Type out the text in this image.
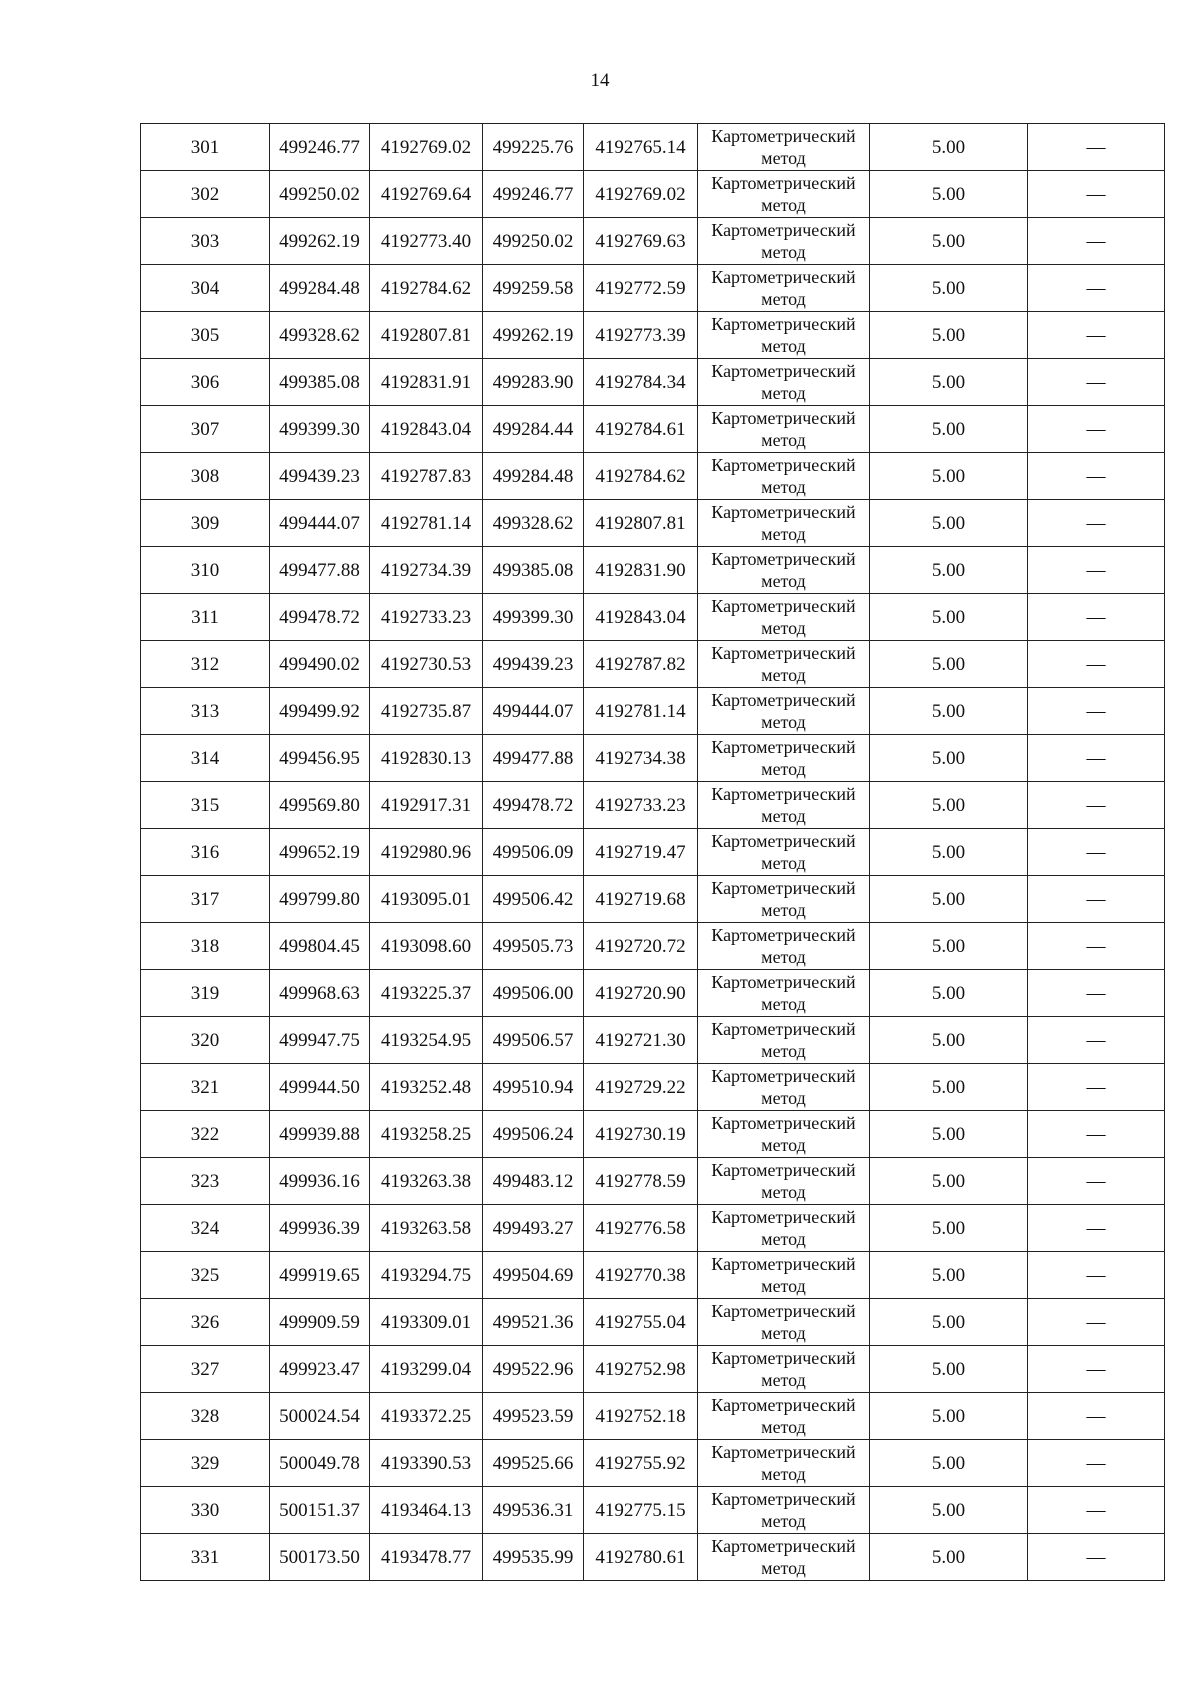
14
301	499246.77	4192769.02	499225.76	4192765.14	Картометрический метод	5.00	—
302	499250.02	4192769.64	499246.77	4192769.02	Картометрический метод	5.00	—
303	499262.19	4192773.40	499250.02	4192769.63	Картометрический метод	5.00	—
304	499284.48	4192784.62	499259.58	4192772.59	Картометрический метод	5.00	—
305	499328.62	4192807.81	499262.19	4192773.39	Картометрический метод	5.00	—
306	499385.08	4192831.91	499283.90	4192784.34	Картометрический метод	5.00	—
307	499399.30	4192843.04	499284.44	4192784.61	Картометрический метод	5.00	—
308	499439.23	4192787.83	499284.48	4192784.62	Картометрический метод	5.00	—
309	499444.07	4192781.14	499328.62	4192807.81	Картометрический метод	5.00	—
310	499477.88	4192734.39	499385.08	4192831.90	Картометрический метод	5.00	—
311	499478.72	4192733.23	499399.30	4192843.04	Картометрический метод	5.00	—
312	499490.02	4192730.53	499439.23	4192787.82	Картометрический метод	5.00	—
313	499499.92	4192735.87	499444.07	4192781.14	Картометрический метод	5.00	—
314	499456.95	4192830.13	499477.88	4192734.38	Картометрический метод	5.00	—
315	499569.80	4192917.31	499478.72	4192733.23	Картометрический метод	5.00	—
316	499652.19	4192980.96	499506.09	4192719.47	Картометрический метод	5.00	—
317	499799.80	4193095.01	499506.42	4192719.68	Картометрический метод	5.00	—
318	499804.45	4193098.60	499505.73	4192720.72	Картометрический метод	5.00	—
319	499968.63	4193225.37	499506.00	4192720.90	Картометрический метод	5.00	—
320	499947.75	4193254.95	499506.57	4192721.30	Картометрический метод	5.00	—
321	499944.50	4193252.48	499510.94	4192729.22	Картометрический метод	5.00	—
322	499939.88	4193258.25	499506.24	4192730.19	Картометрический метод	5.00	—
323	499936.16	4193263.38	499483.12	4192778.59	Картометрический метод	5.00	—
324	499936.39	4193263.58	499493.27	4192776.58	Картометрический метод	5.00	—
325	499919.65	4193294.75	499504.69	4192770.38	Картометрический метод	5.00	—
326	499909.59	4193309.01	499521.36	4192755.04	Картометрический метод	5.00	—
327	499923.47	4193299.04	499522.96	4192752.98	Картометрический метод	5.00	—
328	500024.54	4193372.25	499523.59	4192752.18	Картометрический метод	5.00	—
329	500049.78	4193390.53	499525.66	4192755.92	Картометрический метод	5.00	—
330	500151.37	4193464.13	499536.31	4192775.15	Картометрический метод	5.00	—
331	500173.50	4193478.77	499535.99	4192780.61	Картометрический метод	5.00	—
